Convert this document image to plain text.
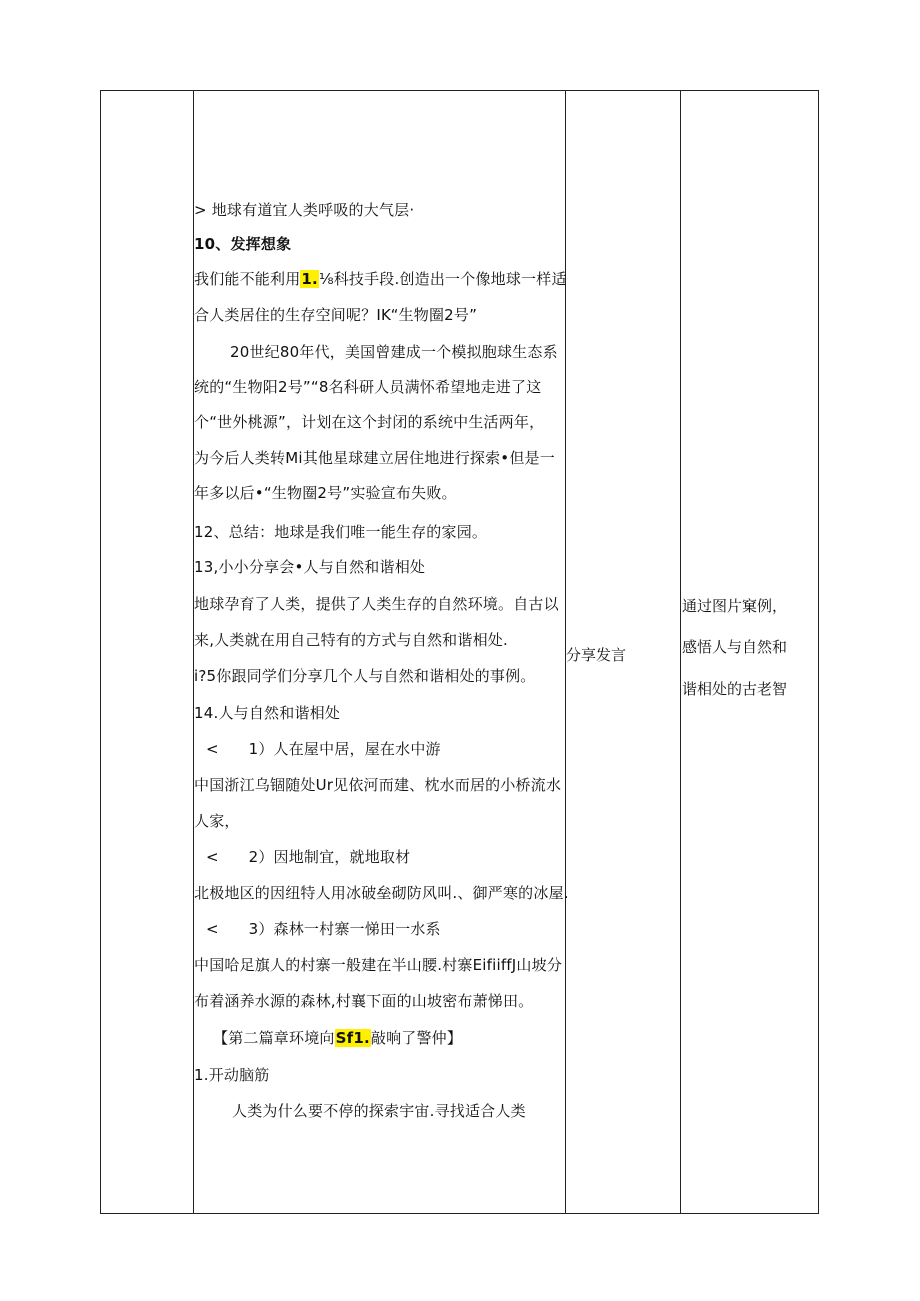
> 地球有道宜人类呼吸的大气层·
10、发挥想象
我们能不能利用1.⅛科技手段.创造出一个像地球一样适
合人类居住的生存空间呢？IK“生物圈2号”
20世纪80年代，美国曾建成一个模拟胞球生态系
统的“生物阳2号”“8名科研人员满怀希望地走进了这
个“世外桃源”，计划在这个封闭的系统中生活两年，
为今后人类转Mi其他星球建立居住地进行探索•但是一
年多以后•“生物圈2号”实验宣布失败。
12、总结：地球是我们唯一能生存的家园。
13,小小分享会•人与自然和谐相处
地球孕育了人类，提供了人类生存的自然环境。自古以
来,人类就在用自己特有的方式与自然和谐相处.
i?5你跟同学们分享几个人与自然和谐相处的事例。
14.人与自然和谐相处
<      1）人在屋中居，屋在水中游
中国浙江乌锢随处Ur见依河而建、枕水而居的小桥流水
人家，
<      2）因地制宜，就地取材
北极地区的因纽特人用冰破垒砌防风叫.、御严寒的冰屋.
<      3）森林一村寨一悌田一水系
中国哈足旗人的村寨一般建在半山腰.村寨EifiiffJ山坡分
布着涵养水源的森林,村襄下面的山坡密布萧悌田。
【第二篇章环境向Sf1.敲响了警仲】
1.开动脑筋
人类为什么要不停的探索宇宙.寻找适合人类
分享发言
通过图片窠例，
感悟人与自然和
谐相处的古老智
